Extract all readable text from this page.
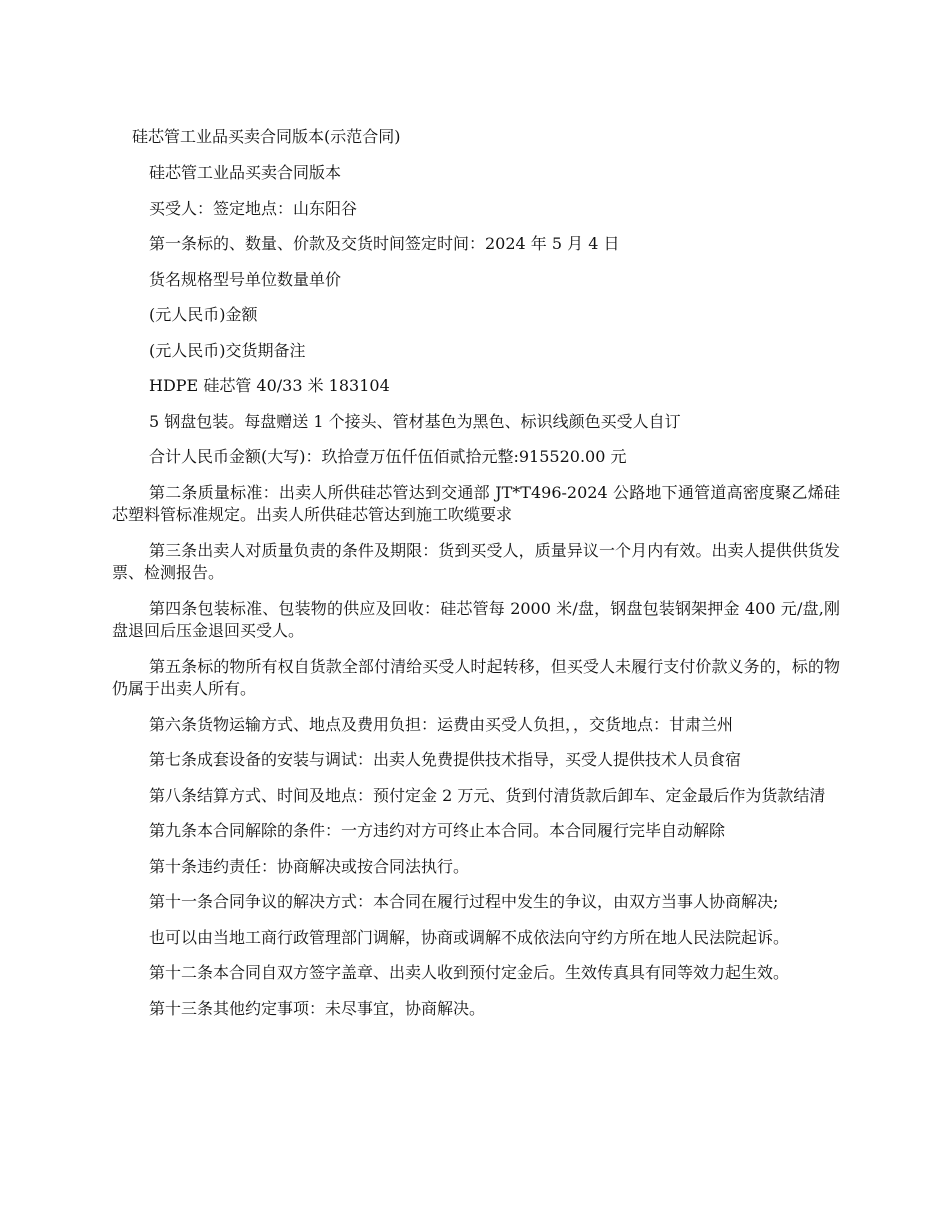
硅芯管工业品买卖合同版本(示范合同)

硅芯管工业品买卖合同版本

买受人：签定地点：山东阳谷

第一条标的、数量、价款及交货时间签定时间：2024 年 5 月 4 日

货名规格型号单位数量单价

(元人民币)金额

(元人民币)交货期备注

HDPE 硅芯管 40/33 米 183104

5 钢盘包装。每盘赠送 1 个接头、管材基色为黑色、标识线颜色买受人自订

合计人民币金额(大写)：玖拾壹万伍仟伍佰贰拾元整:915520.00 元

第二条质量标准：出卖人所供硅芯管达到交通部 JT*T496-2024 公路地下通管道高密度聚乙烯硅芯塑料管标准规定。出卖人所供硅芯管达到施工吹缆要求

第三条出卖人对质量负责的条件及期限：货到买受人，质量异议一个月内有效。出卖人提供供货发票、检测报告。

第四条包装标准、包装物的供应及回收：硅芯管每 2000 米/盘，钢盘包装钢架押金 400 元/盘,刚盘退回后压金退回买受人。

第五条标的物所有权自货款全部付清给买受人时起转移，但买受人未履行支付价款义务的，标的物仍属于出卖人所有。

第六条货物运输方式、地点及费用负担：运费由买受人负担，，交货地点：甘肃兰州

第七条成套设备的安装与调试：出卖人免费提供技术指导，买受人提供技术人员食宿

第八条结算方式、时间及地点：预付定金 2 万元、货到付清货款后卸车、定金最后作为货款结清

第九条本合同解除的条件：一方违约对方可终止本合同。本合同履行完毕自动解除

第十条违约责任：协商解决或按合同法执行。

第十一条合同争议的解决方式：本合同在履行过程中发生的争议，由双方当事人协商解决;

也可以由当地工商行政管理部门调解，协商或调解不成依法向守约方所在地人民法院起诉。

第十二条本合同自双方签字盖章、出卖人收到预付定金后。生效传真具有同等效力起生效。

第十三条其他约定事项：未尽事宜，协商解决。
